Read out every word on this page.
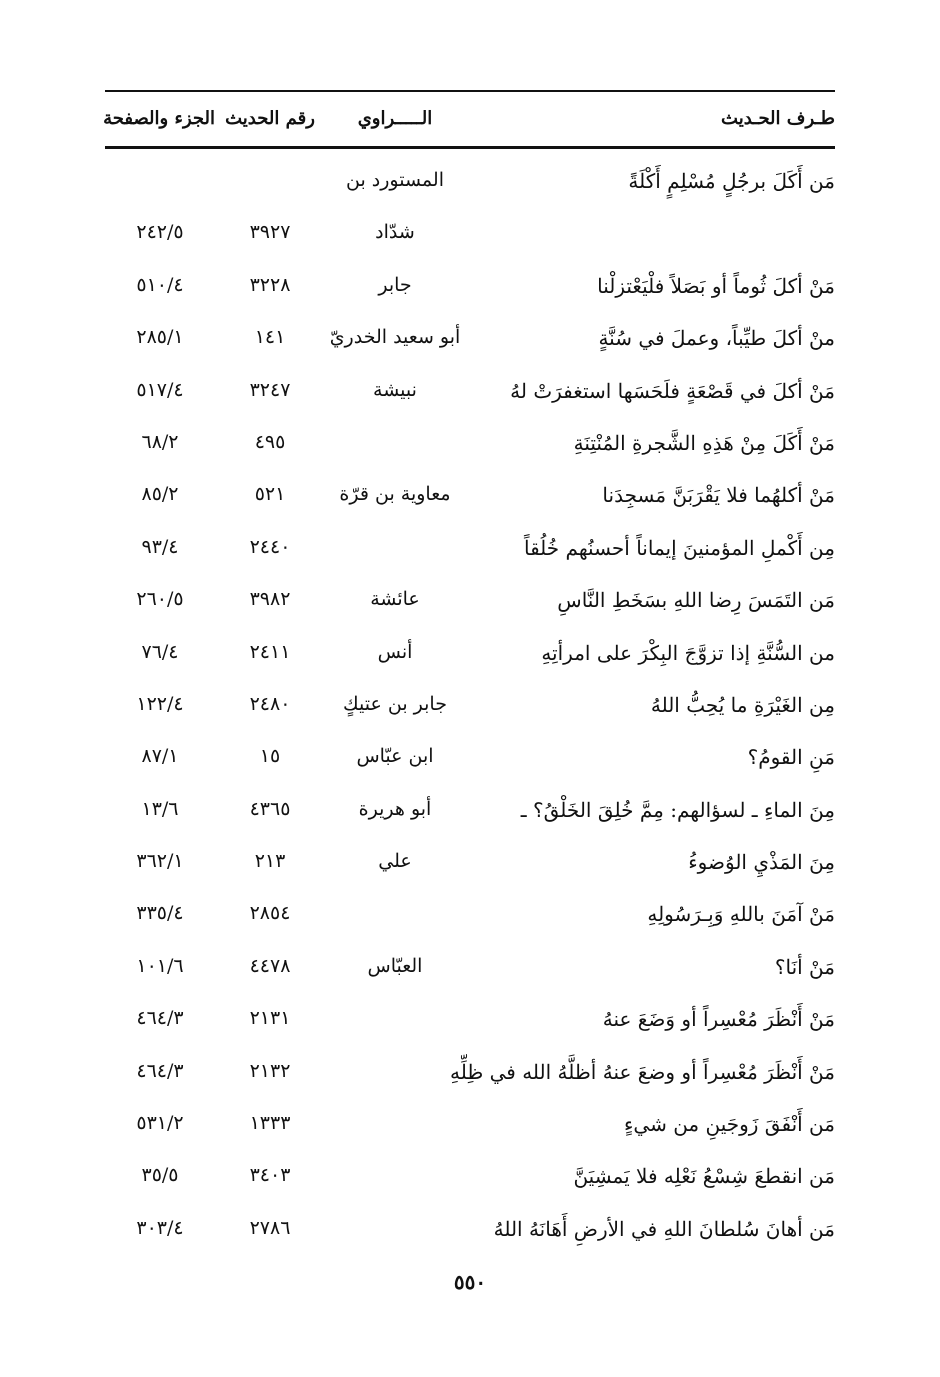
طـرف الحـديث
الـــــراوي
رقم الحديث
الجزء والصفحة
مَن أَكَلَ برجُلٍ مُسْلِمٍ أَكْلَةً
المستورد بن
شدّاد
٣٩٢٧
٢٤٢/٥
مَنْ أكلَ ثُوماً أو بَصَلاً فلْيَعْتزلْنا
جابر
٣٢٢٨
٥١٠/٤
منْ أكلَ طيِّباً، وعملَ في سُنَّةٍ
أبو سعيد الخدريّ
١٤١
٢٨٥/١
مَنْ أكلَ في قَصْعَةٍ فلَحَسَها استغفرَتْ لهُ
نبيشة
٣٢٤٧
٥١٧/٤
مَنْ أَكَلَ مِنْ هَذِهِ الشَّجرةِ المُنْتِنَةِ
٤٩٥
٦٨/٢
مَنْ أكلهُما فلا يَقْرَبَنَّ مَسجِدَنا
معاوية بن قرّة
٥٢١
٨٥/٢
مِن أَكْملِ المؤمنينَ إيماناً أحسنُهم خُلُقاً
٢٤٤٠
٩٣/٤
مَن التَمَسَ رِضا اللهِ بسَخَطِ النَّاسِ
عائشة
٣٩٨٢
٢٦٠/٥
من السُّنَّةِ إذا تزوَّجَ البِكْرَ على امرأتِهِ
أنس
٢٤١١
٧٦/٤
مِن الغَيْرَةِ ما يُحِبُّ اللهُ
جابر بن عتيكٍ
٢٤٨٠
١٢٢/٤
مَنِ القومُ؟
ابن عبّاس
١٥
٨٧/١
مِنَ الماءِ ـ لسؤالهم: مِمَّ خُلِقَ الخَلْقُ؟ ـ
أبو هريرة
٤٣٦٥
١٣/٦
مِنَ المَذْيِ الوُضوءُ
علي
٢١٣
٣٦٢/١
مَنْ آمَنَ باللهِ وَبِـرَسُولِهِ
٢٨٥٤
٣٣٥/٤
مَنْ أنَا؟
العبّاس
٤٤٧٨
١٠١/٦
مَنْ أَنْظَرَ مُعْسِراً أو وَضَعَ عنهُ
٢١٣١
٤٦٤/٣
مَنْ أَنْظَرَ مُعْسِراً أو وضعَ عنهُ أظلَّهُ الله في ظِلِّهِ
٢١٣٢
٤٦٤/٣
مَن أَنْفَقَ زَوجَينِ من شيءٍ
١٣٣٣
٥٣١/٢
مَن انقطعَ شِسْعُ نَعْلِه فلا يَمشِيَنَّ
٣٤٠٣
٣٥/٥
مَن أهانَ سُلطانَ اللهِ في الأرضِ أَهَانَهُ اللهُ
٢٧٨٦
٣٠٣/٤
٥٥٠
